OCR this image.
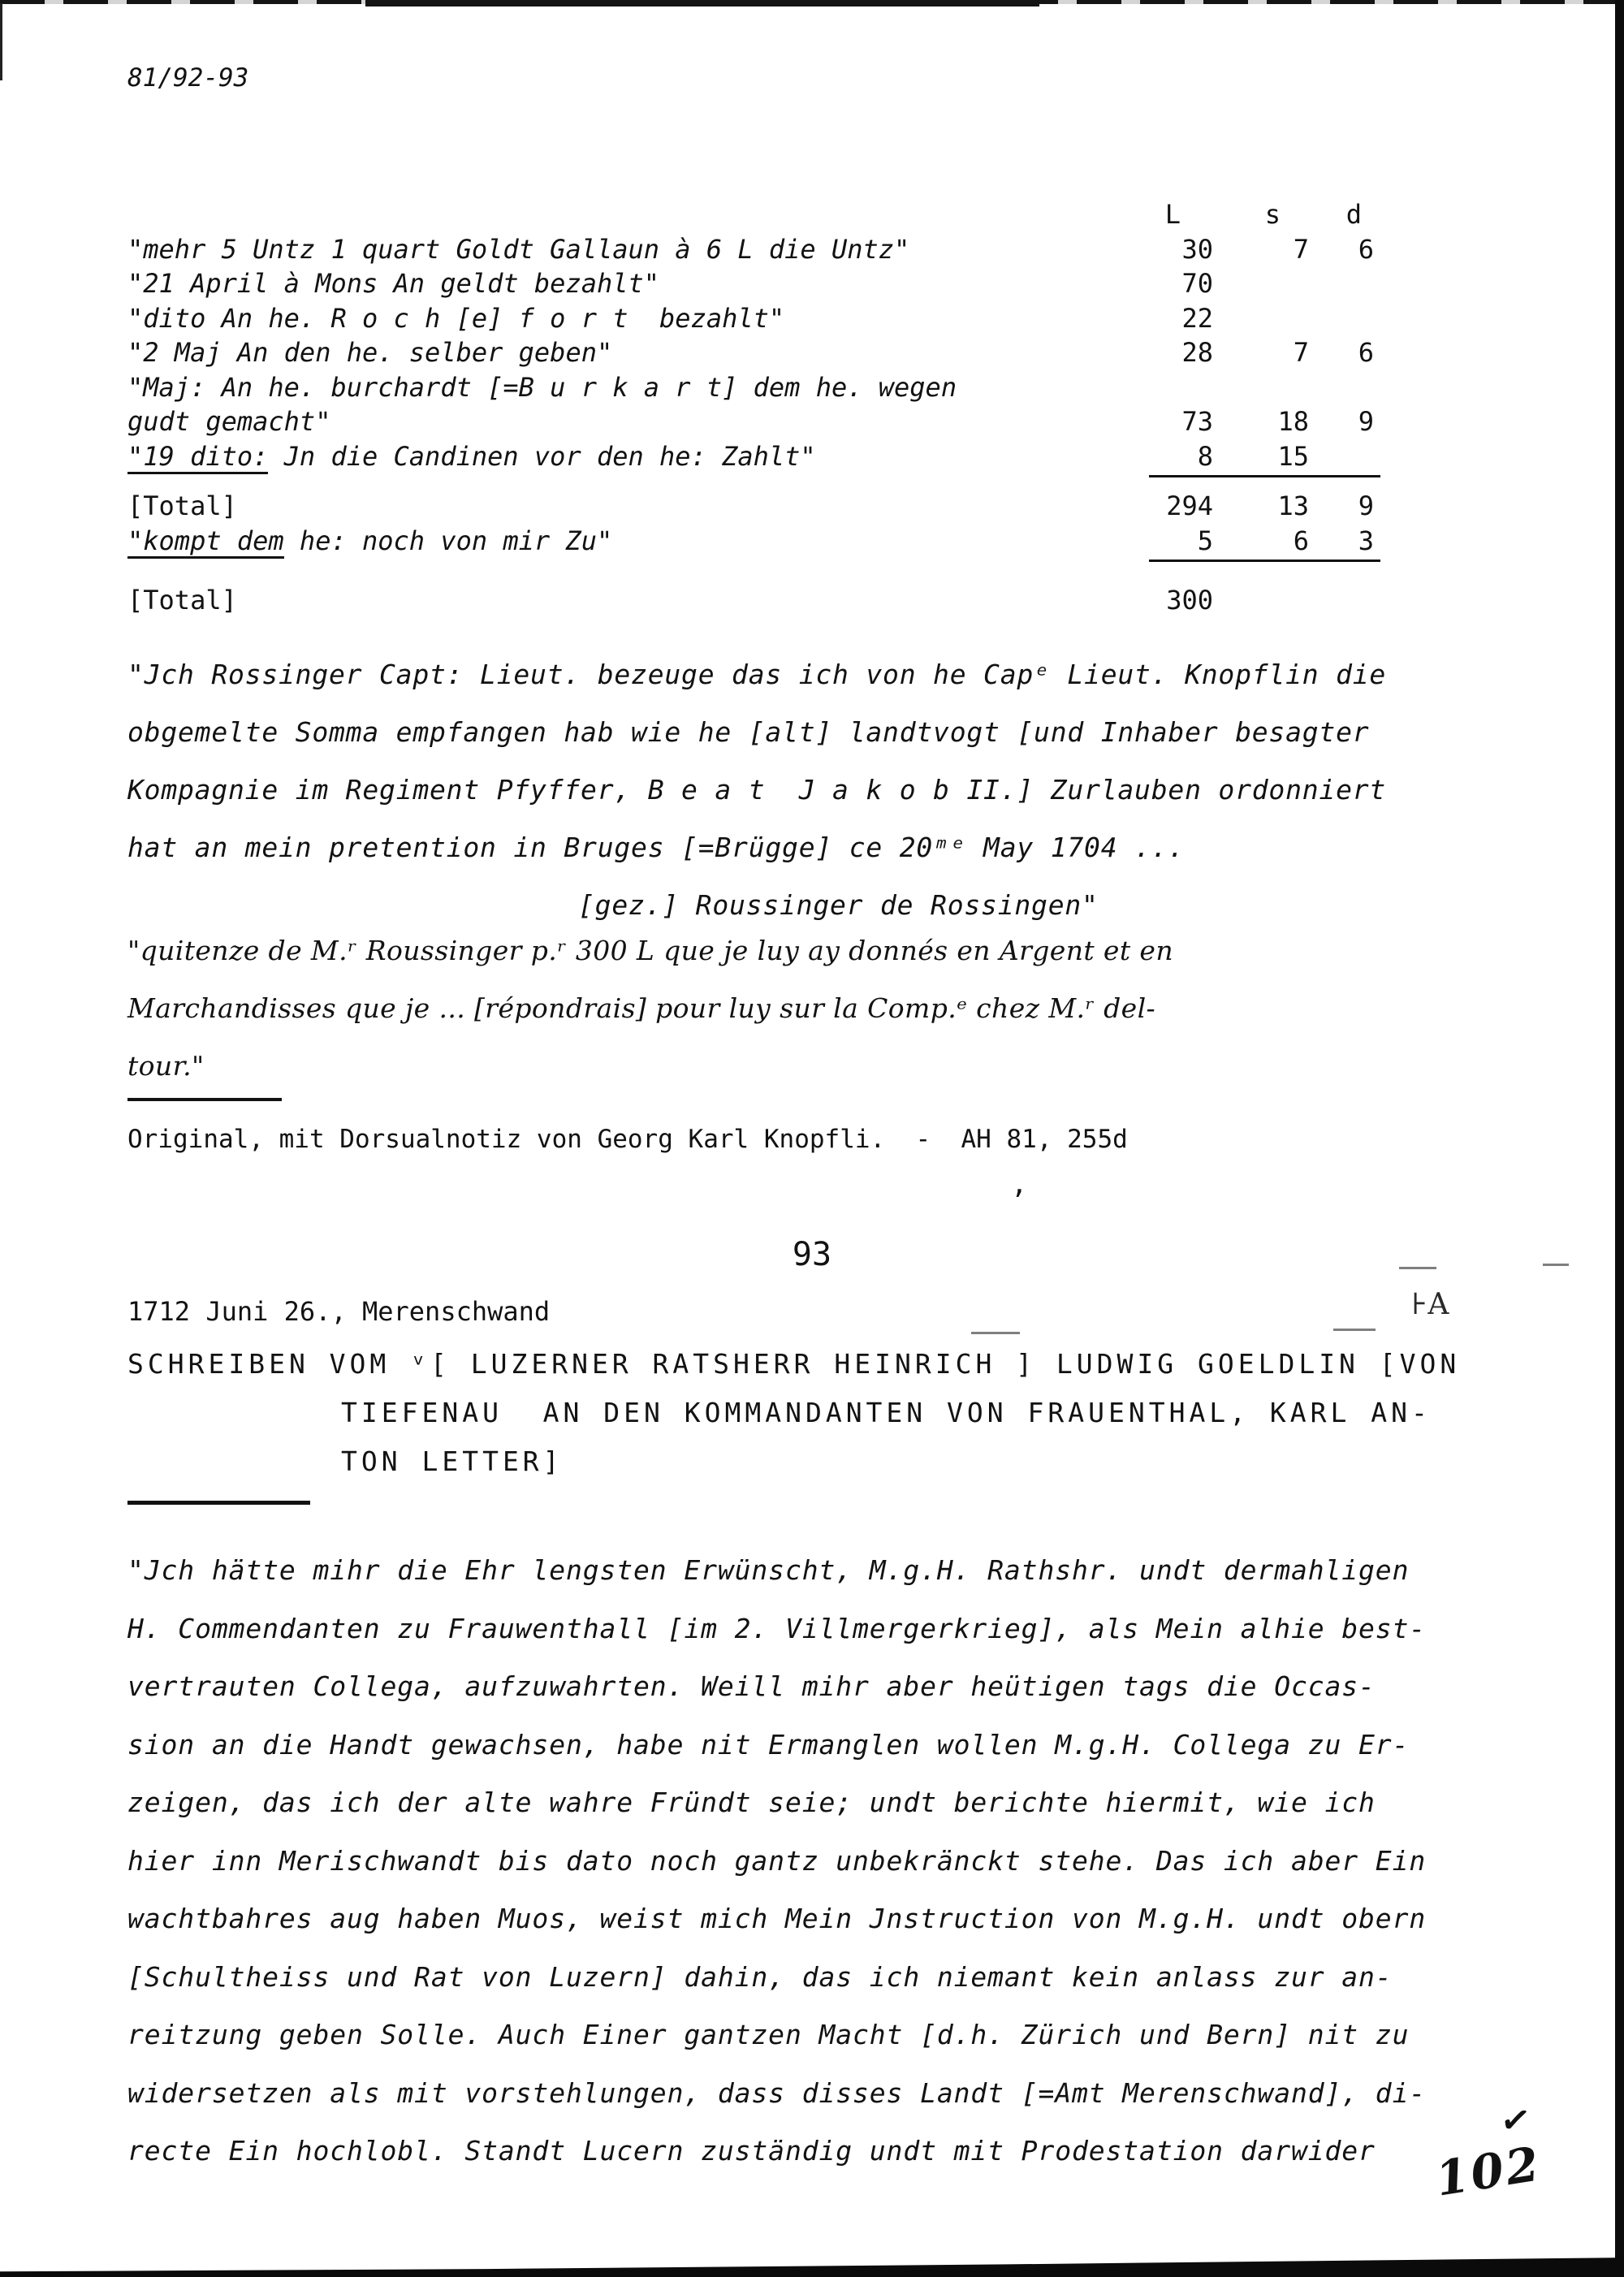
81/92-93
L	s	d
"mehr 5 Untz 1 quart Goldt Gallaun à 6 L die Untz"	30	7	6
"21 April à Mons An geldt bezahlt"	70
"dito An he. R o c h [e] f o r t  bezahlt"	22
"2 Maj An den he. selber geben"	28	7	6
"Maj: An he. burchardt [=B u r k a r t] dem he. wegen
gudt gemacht"	73	18	9
"19 dito: Jn die Candinen vor den he: Zahlt"	8	15
[Total]	294	13	9
"kompt dem he: noch von mir Zu"	5	6	3
[Total]	300
"Jch Rossinger Capt: Lieut. bezeuge das ich von he Capᵉ Lieut. Knopflin die
obgemelte Somma empfangen hab wie he [alt] landtvogt [und Inhaber besagter
Kompagnie im Regiment Pfyffer, B e a t  J a k o b II.] Zurlauben ordonniert
hat an mein pretention in Bruges [=Brügge] ce 20ᵐᵉ May 1704 ...
[gez.] Roussinger de Rossingen"
"quitenze de M.ʳ Roussinger p.ʳ 300 L que je luy ay donnés en Argent et en
Marchandisses que je ... [répondrais] pour luy sur la Comp.ᵉ chez M.ʳ del-
tour."
Original, mit Dorsualnotiz von Georg Karl Knopfli.  -  AH 81, 255d
,
93
1712 Juni 26., Merenschwand	⊦A
SCHREIBEN VOM ᵛ[ LUZERNER RATSHERR HEINRICH ] LUDWIG GOELDLIN [VON
TIEFENAU  AN DEN KOMMANDANTEN VON FRAUENTHAL, KARL AN-
TON LETTER]
"Jch hätte mihr die Ehr lengsten Erwünscht, M.g.H. Rathshr. undt dermahligen
H. Commendanten zu Frauwenthall [im 2. Villmergerkrieg], als Mein alhie best-
vertrauten Collega, aufzuwahrten. Weill mihr aber heütigen tags die Occas-
sion an die Handt gewachsen, habe nit Ermanglen wollen M.g.H. Collega zu Er-
zeigen, das ich der alte wahre Fründt seie; undt berichte hiermit, wie ich
hier inn Merischwandt bis dato noch gantz unbekränckt stehe. Das ich aber Ein
wachtbahres aug haben Muos, weist mich Mein Jnstruction von M.g.H. undt obern
[Schultheiss und Rat von Luzern] dahin, das ich niemant kein anlass zur an-
reitzung geben Solle. Auch Einer gantzen Macht [d.h. Zürich und Bern] nit zu
widersetzen als mit vorstehlungen, dass disses Landt [=Amt Merenschwand], di-
recte Ein hochlobl. Standt Lucern zuständig undt mit Prodestation darwider
✓
102
